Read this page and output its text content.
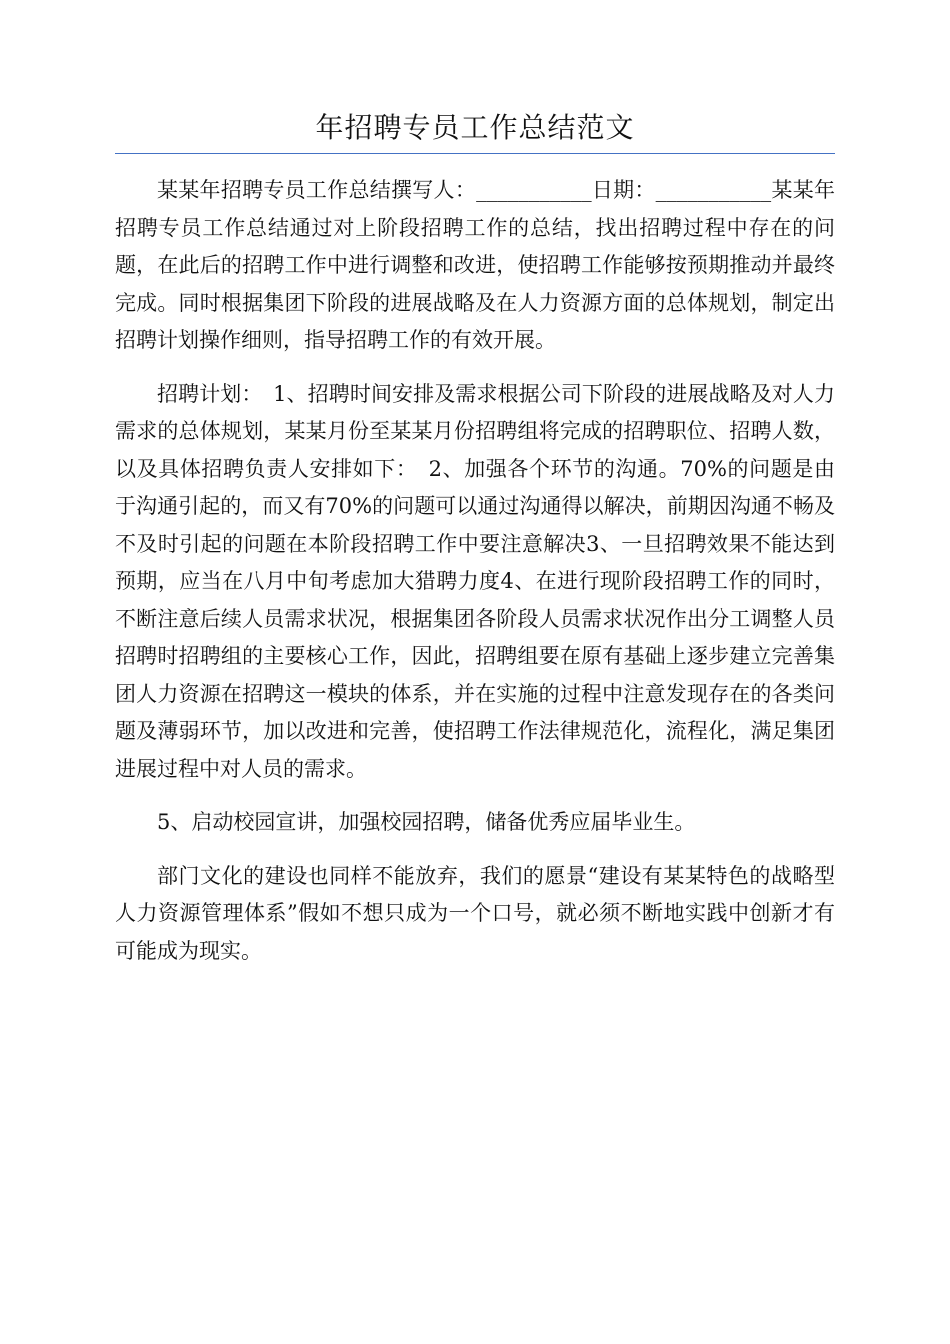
年招聘专员工作总结范文

某某年招聘专员工作总结撰写人：___________日期：___________某某年招聘专员工作总结通过对上阶段招聘工作的总结，找出招聘过程中存在的问题，在此后的招聘工作中进行调整和改进，使招聘工作能够按预期推动并最终完成。同时根据集团下阶段的进展战略及在人力资源方面的总体规划，制定出招聘计划操作细则，指导招聘工作的有效开展。

招聘计划：　1、招聘时间安排及需求根据公司下阶段的进展战略及对人力需求的总体规划，某某月份至某某月份招聘组将完成的招聘职位、招聘人数，以及具体招聘负责人安排如下：　2、加强各个环节的沟通。70%的问题是由于沟通引起的，而又有70%的问题可以通过沟通得以解决，前期因沟通不畅及不及时引起的问题在本阶段招聘工作中要注意解决3、一旦招聘效果不能达到预期，应当在八月中旬考虑加大猎聘力度4、在进行现阶段招聘工作的同时，不断注意后续人员需求状况，根据集团各阶段人员需求状况作出分工调整人员招聘时招聘组的主要核心工作，因此，招聘组要在原有基础上逐步建立完善集团人力资源在招聘这一模块的体系，并在实施的过程中注意发现存在的各类问题及薄弱环节，加以改进和完善，使招聘工作法律规范化，流程化，满足集团进展过程中对人员的需求。

5、启动校园宣讲，加强校园招聘，储备优秀应届毕业生。

部门文化的建设也同样不能放弃，我们的愿景“建设有某某特色的战略型人力资源管理体系”假如不想只成为一个口号，就必须不断地实践中创新才有可能成为现实。
